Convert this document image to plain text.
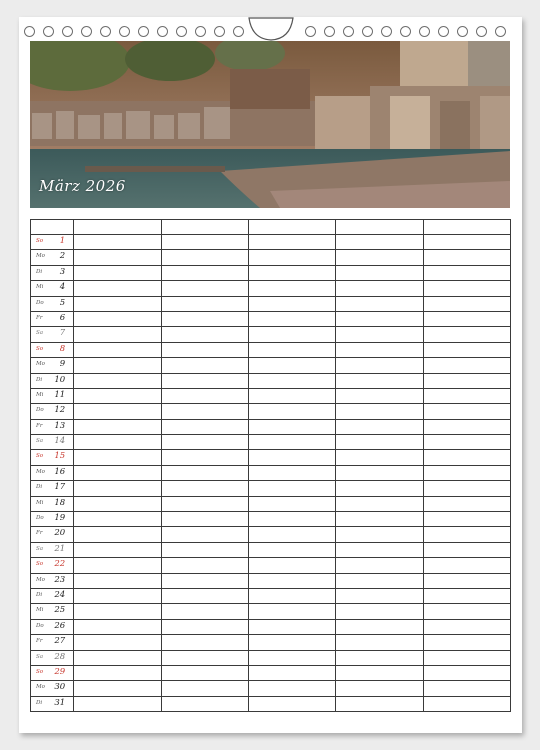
März 2026

So 1					

Mo 2					

Di 3					

Mi 4					

Do 5					

Fr 6					

Sa 7					

So 8					

Mo 9					

Di 10					

Mi 11					

Do 12					

Fr 13					

Sa 14					

So 15					

Mo 16					

Di 17					

Mi 18					

Do 19					

Fr 20					

Sa 21					

So 22					

Mo 23					

Di 24					

Mi 25					

Do 26					

Fr 27					

Sa 28					

So 29					

Mo 30					

Di 31					
